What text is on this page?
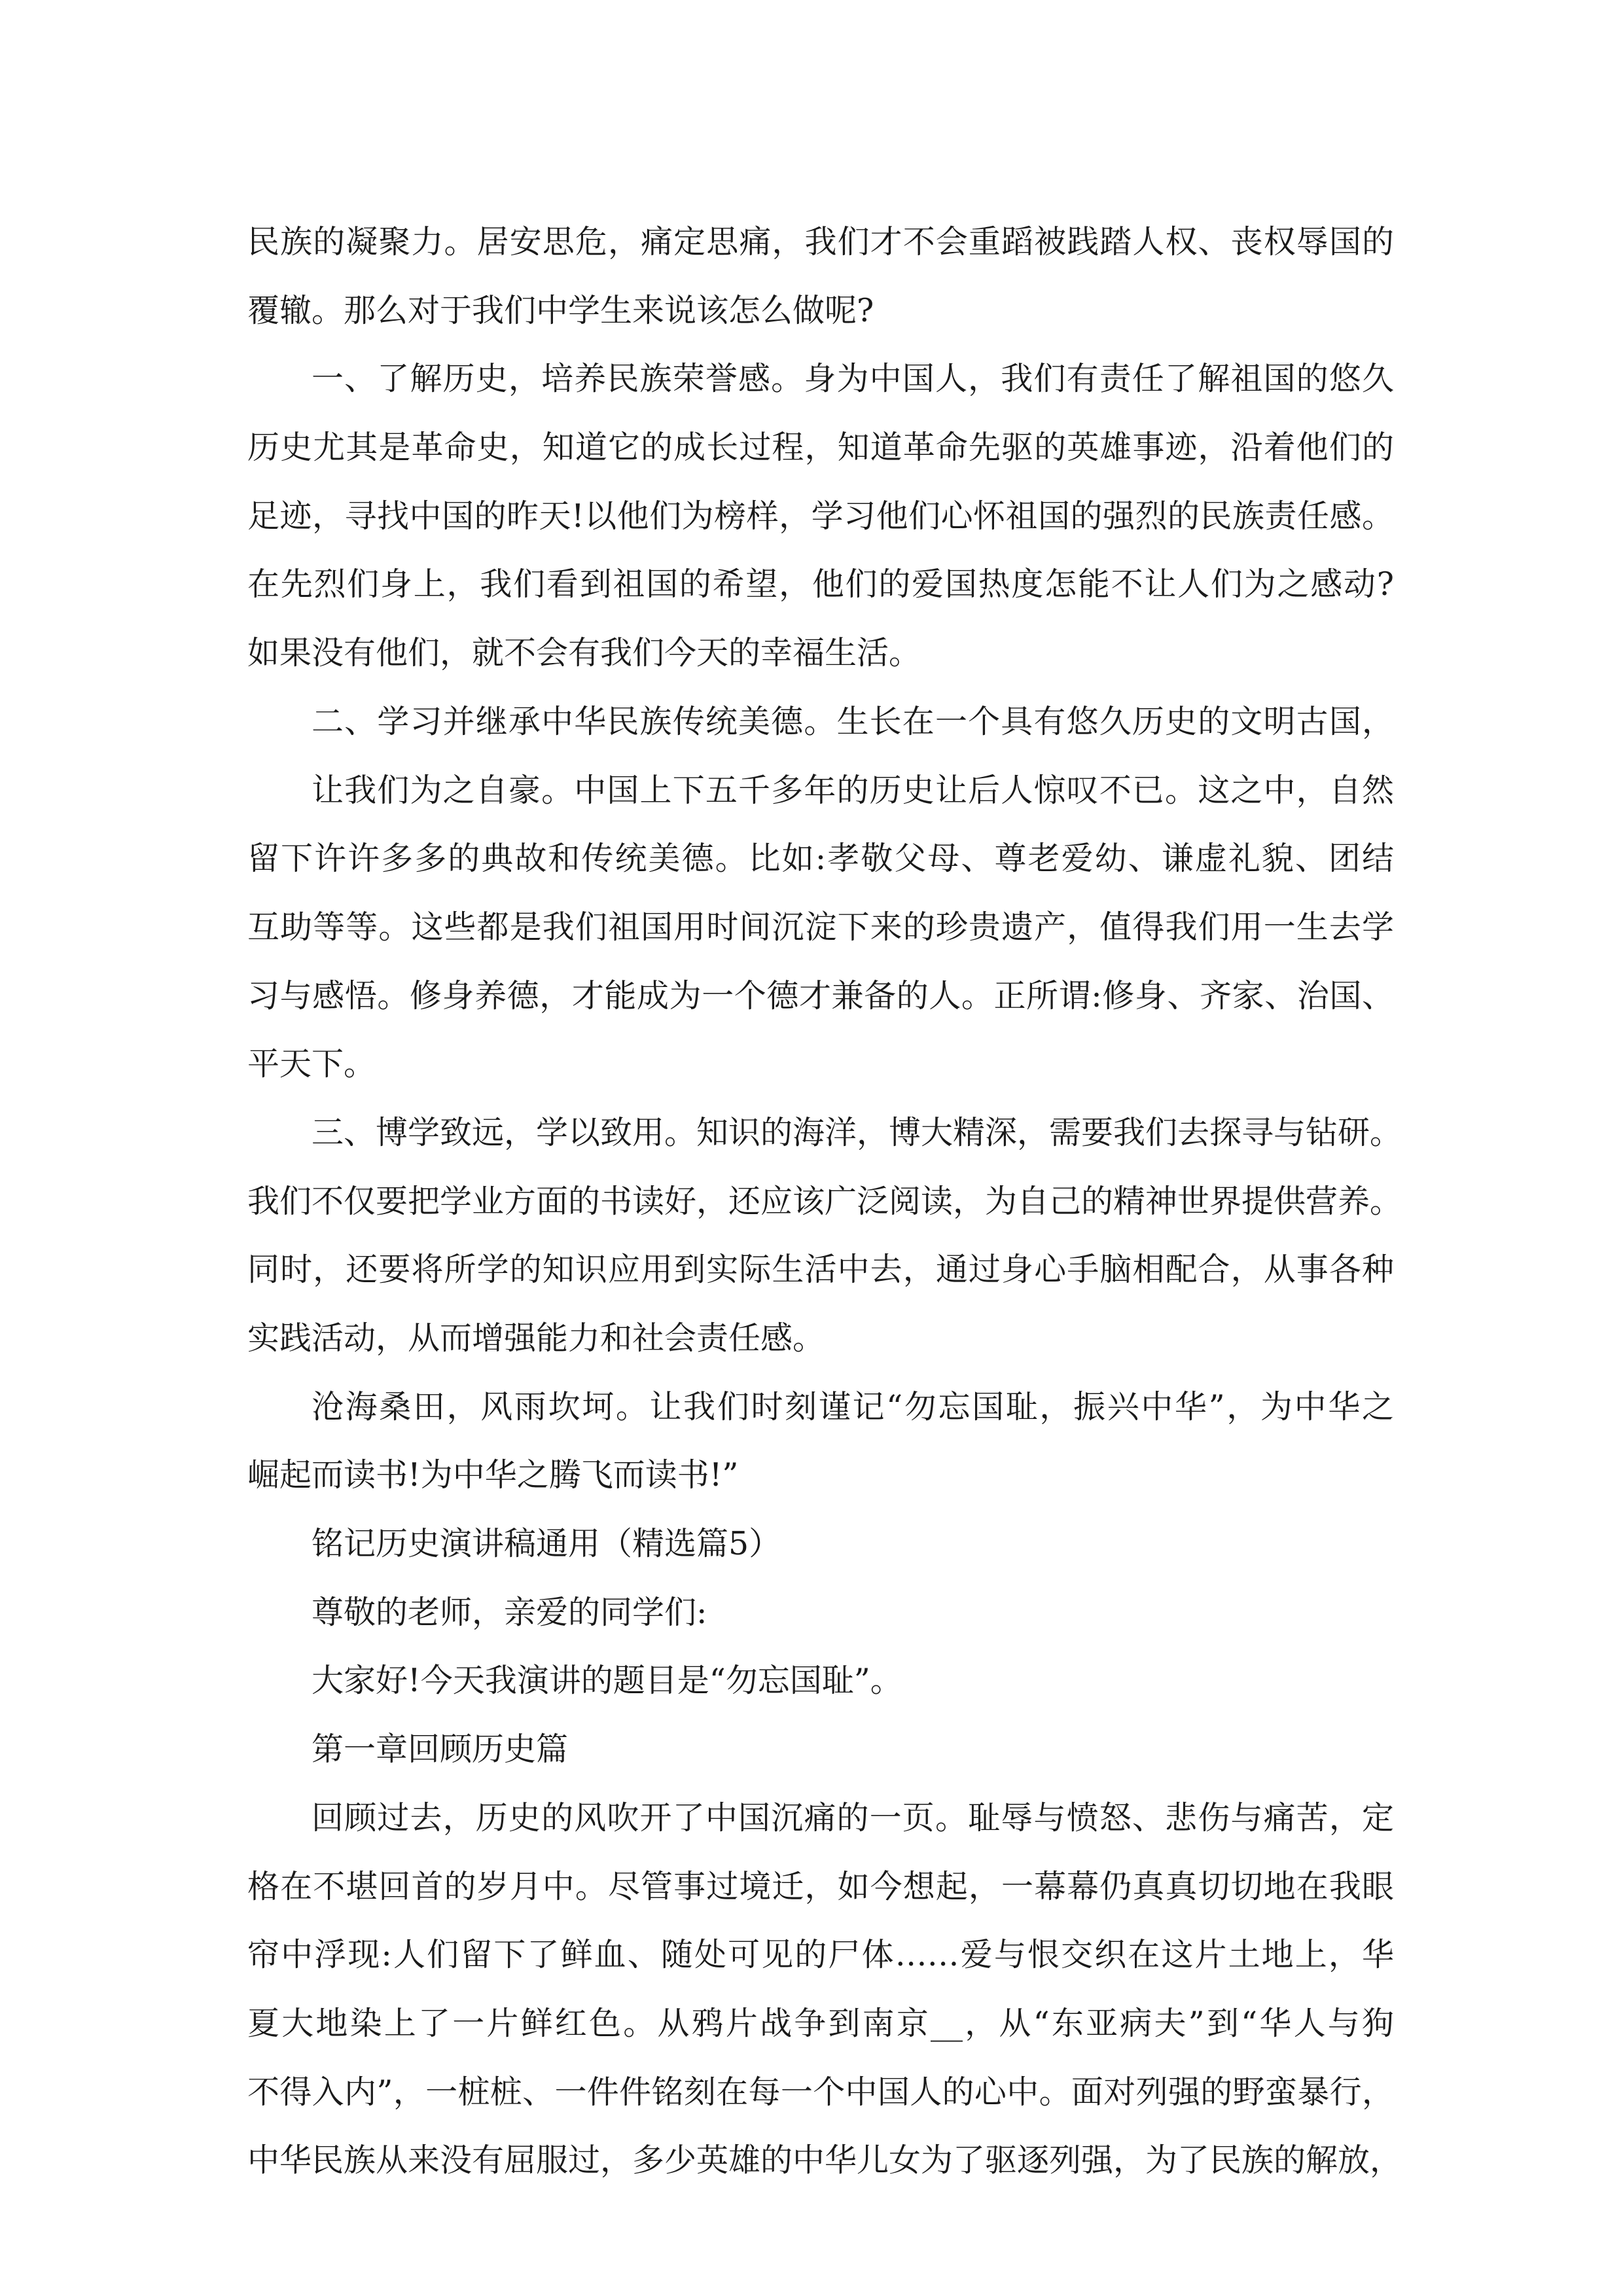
民族的凝聚力。居安思危，痛定思痛，我们才不会重蹈被践踏人权、丧权辱国的
覆辙。那么对于我们中学生来说该怎么做呢?
一、了解历史，培养民族荣誉感。身为中国人，我们有责任了解祖国的悠久
历史尤其是革命史，知道它的成长过程，知道革命先驱的英雄事迹，沿着他们的
足迹，寻找中国的昨天!以他们为榜样，学习他们心怀祖国的强烈的民族责任感。
在先烈们身上，我们看到祖国的希望，他们的爱国热度怎能不让人们为之感动?
如果没有他们，就不会有我们今天的幸福生活。
二、学习并继承中华民族传统美德。生长在一个具有悠久历史的文明古国，
让我们为之自豪。中国上下五千多年的历史让后人惊叹不已。这之中，自然
留下许许多多的典故和传统美德。比如:孝敬父母、尊老爱幼、谦虚礼貌、团结
互助等等。这些都是我们祖国用时间沉淀下来的珍贵遗产，值得我们用一生去学
习与感悟。修身养德，才能成为一个德才兼备的人。正所谓:修身、齐家、治国、
平天下。
三、博学致远，学以致用。知识的海洋，博大精深，需要我们去探寻与钻研。
我们不仅要把学业方面的书读好，还应该广泛阅读，为自己的精神世界提供营养。
同时，还要将所学的知识应用到实际生活中去，通过身心手脑相配合，从事各种
实践活动，从而增强能力和社会责任感。
沧海桑田，风雨坎坷。让我们时刻谨记“勿忘国耻，振兴中华”，为中华之
崛起而读书!为中华之腾飞而读书!”
铭记历史演讲稿通用（精选篇5）
尊敬的老师，亲爱的同学们:
大家好!今天我演讲的题目是“勿忘国耻”。
第一章回顾历史篇
回顾过去，历史的风吹开了中国沉痛的一页。耻辱与愤怒、悲伤与痛苦，定
格在不堪回首的岁月中。尽管事过境迁，如今想起，一幕幕仍真真切切地在我眼
帘中浮现:人们留下了鲜血、随处可见的尸体……爱与恨交织在这片土地上，华
夏大地染上了一片鲜红色。从鸦片战争到南京__，从“东亚病夫”到“华人与狗
不得入内”，一桩桩、一件件铭刻在每一个中国人的心中。面对列强的野蛮暴行，
中华民族从来没有屈服过，多少英雄的中华儿女为了驱逐列强，为了民族的解放，
